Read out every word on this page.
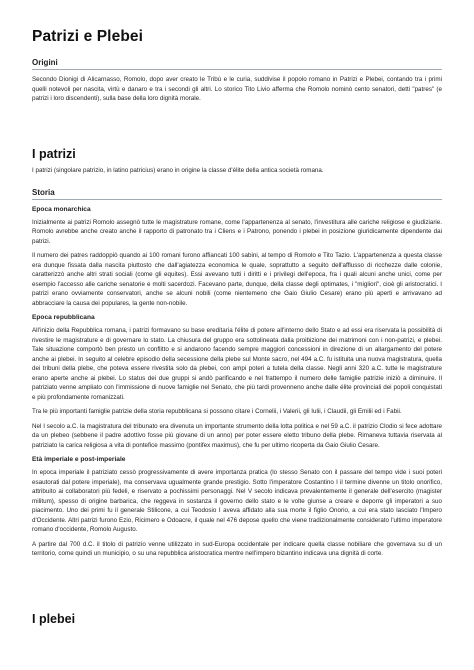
Patrizi e Plebei
Origini

Secondo Dionigi di Alicarnasso, Romolo, dopo aver creato le Tribù e le curia, suddivise il popolo romano in Patrizi e Plebei, contando tra i primi quelli notevoli per nascita, virtù e danaro e tra i secondi gli altri. Lo storico Tito Livio afferma che Romolo nominò cento senatori, detti "patres" (e patrizi i loro discendenti), sulla base della loro dignità morale.

I patrizi

I patrizi (singolare patrizio, in latino patricius) erano in origine la classe d'élite della antica società romana.

Storia
Epoca monarchica

Inizialmente ai patrizi Romolo assegnò tutte le magistrature romane, come l'appartenenza al senato, l'investitura alle cariche religiose e giudiziarie. Romolo avrebbe anche creato anche il rapporto di patronato tra i Cliens e i Patrono, ponendo i plebei in posizione giuridicamente dipendente dai patrizi.

Il numero dei patres raddoppiò quando ai 100 romani furono affiancati 100 sabini, al tempo di Romolo e Tito Tazio. L'appartenenza a questa classe era dunque fissata dalla nascita piuttosto che dall'agiatezza economica le quale, soprattutto a seguito dell'afflusso di ricchezze dalle colonie, caratterizzò anche altri strati sociali (come gli equites). Essi avevano tutti i diritti e i privilegi dell'epoca, fra i quali alcuni anche unici, come per esempio l'accesso alle cariche senatorie e molti sacerdozi. Facevano parte, dunque, della classe degli optimates, i "migliori", cioè gli aristocratici. I patrizi erano ovviamente conservatori, anche se alcuni nobili (come nientemeno che Gaio Giulio Cesare) erano più aperti e arrivavano ad abbracciare la causa dei populares, la gente non-nobile.

Epoca repubblicana

All'inizio della Repubblica romana, i patrizi formavano su base ereditaria l'élite di potere all'interno dello Stato e ad essi era riservata la possibilità di rivestire le magistrature e di governare lo stato. La chiusura del gruppo era sottolineata dalla proibizione dei matrimoni con i non-patrizi, e plebei. Tale situazione comportò ben presto un conflitto e si andarono facendo sempre maggiori concessioni in direzione di un allargamento del potere anche ai plebei. In seguito al celebre episodio della secessione della plebe sul Monte sacro, nel 494 a.C. fu istituita una nuova magistratura, quella dei tribuni della plebe, che poteva essere rivestita solo da plebei, con ampi poteri a tutela della classe. Negli anni 320 a.C. tutte le magistrature erano aperte anche ai plebei. Lo status dei due gruppi si andò parificando e nel frattempo il numero delle famiglie patrizie iniziò a diminuire. Il patriziato venne ampliato con l'immissione di nuove famiglie nel Senato, che più tardi provenneno anche dalle élite provinciali dei popoli conquistati e più profondamente romanizzati.

Tra le più importanti famiglie patrizie della storia repubblicana si possono citare i Cornelii, i Valerii, gli Iulii, i Claudii, gli Emilii ed i Fabii.

Nel I secolo a.C. la magistratura del tribunato era divenuta un importante strumento della lotta politica e nel 59 a.C. il patrizio Clodio si fece adottare da un plebeo (sebbene il padre adottivo fosse più giovane di un anno) per poter essere eletto tribuno della plebe. Rimaneva tuttavia riservata al patriziato la carica religiosa a vita di pontefice massimo (pontifex maximus), che fu per ultimo ricoperta da Gaio Giulio Cesare.

Età imperiale e post-imperiale

In epoca imperiale il patriziato cessò progressivamente di avere importanza pratica (lo stesso Senato con il passare del tempo vide i suoi poteri esautorati dal potere imperiale), ma conservava ugualmente grande prestigio. Sotto l'imperatore Costantino I il termine divenne un titolo onorifico, attribuito ai collaboratori più fedeli, e riservato a pochissimi personaggi. Nel V secolo indicava prevalentemente il generale dell'esercito (magister militum), spesso di origine barbarica, che reggeva in sostanza il governo dello stato e le volte giunse a creare e deporre gli imperatori a suo piacimento. Uno dei primi fu il generale Stilicone, a cui Teodosio I aveva affidato alla sua morte il figlio Onorio, a cui era stato lasciato l'Impero d'Occidente. Altri patrizi furono Ezio, Ricimero e Odoacre, il quale nel 476 depose quello che viene tradizionalmente considerato l'ultimo imperatore romano d'occidente, Romolo Augusto.

A partire dal 700 d.C. il titolo di patrizio venne utilizzato in sud-Europa occidentale per indicare quella classe nobiliare che governava su di un territorio, come quindi un municipio, o su una repubblica aristocratica mentre nell'impero bizantino indicava una dignità di corte.

I plebei
